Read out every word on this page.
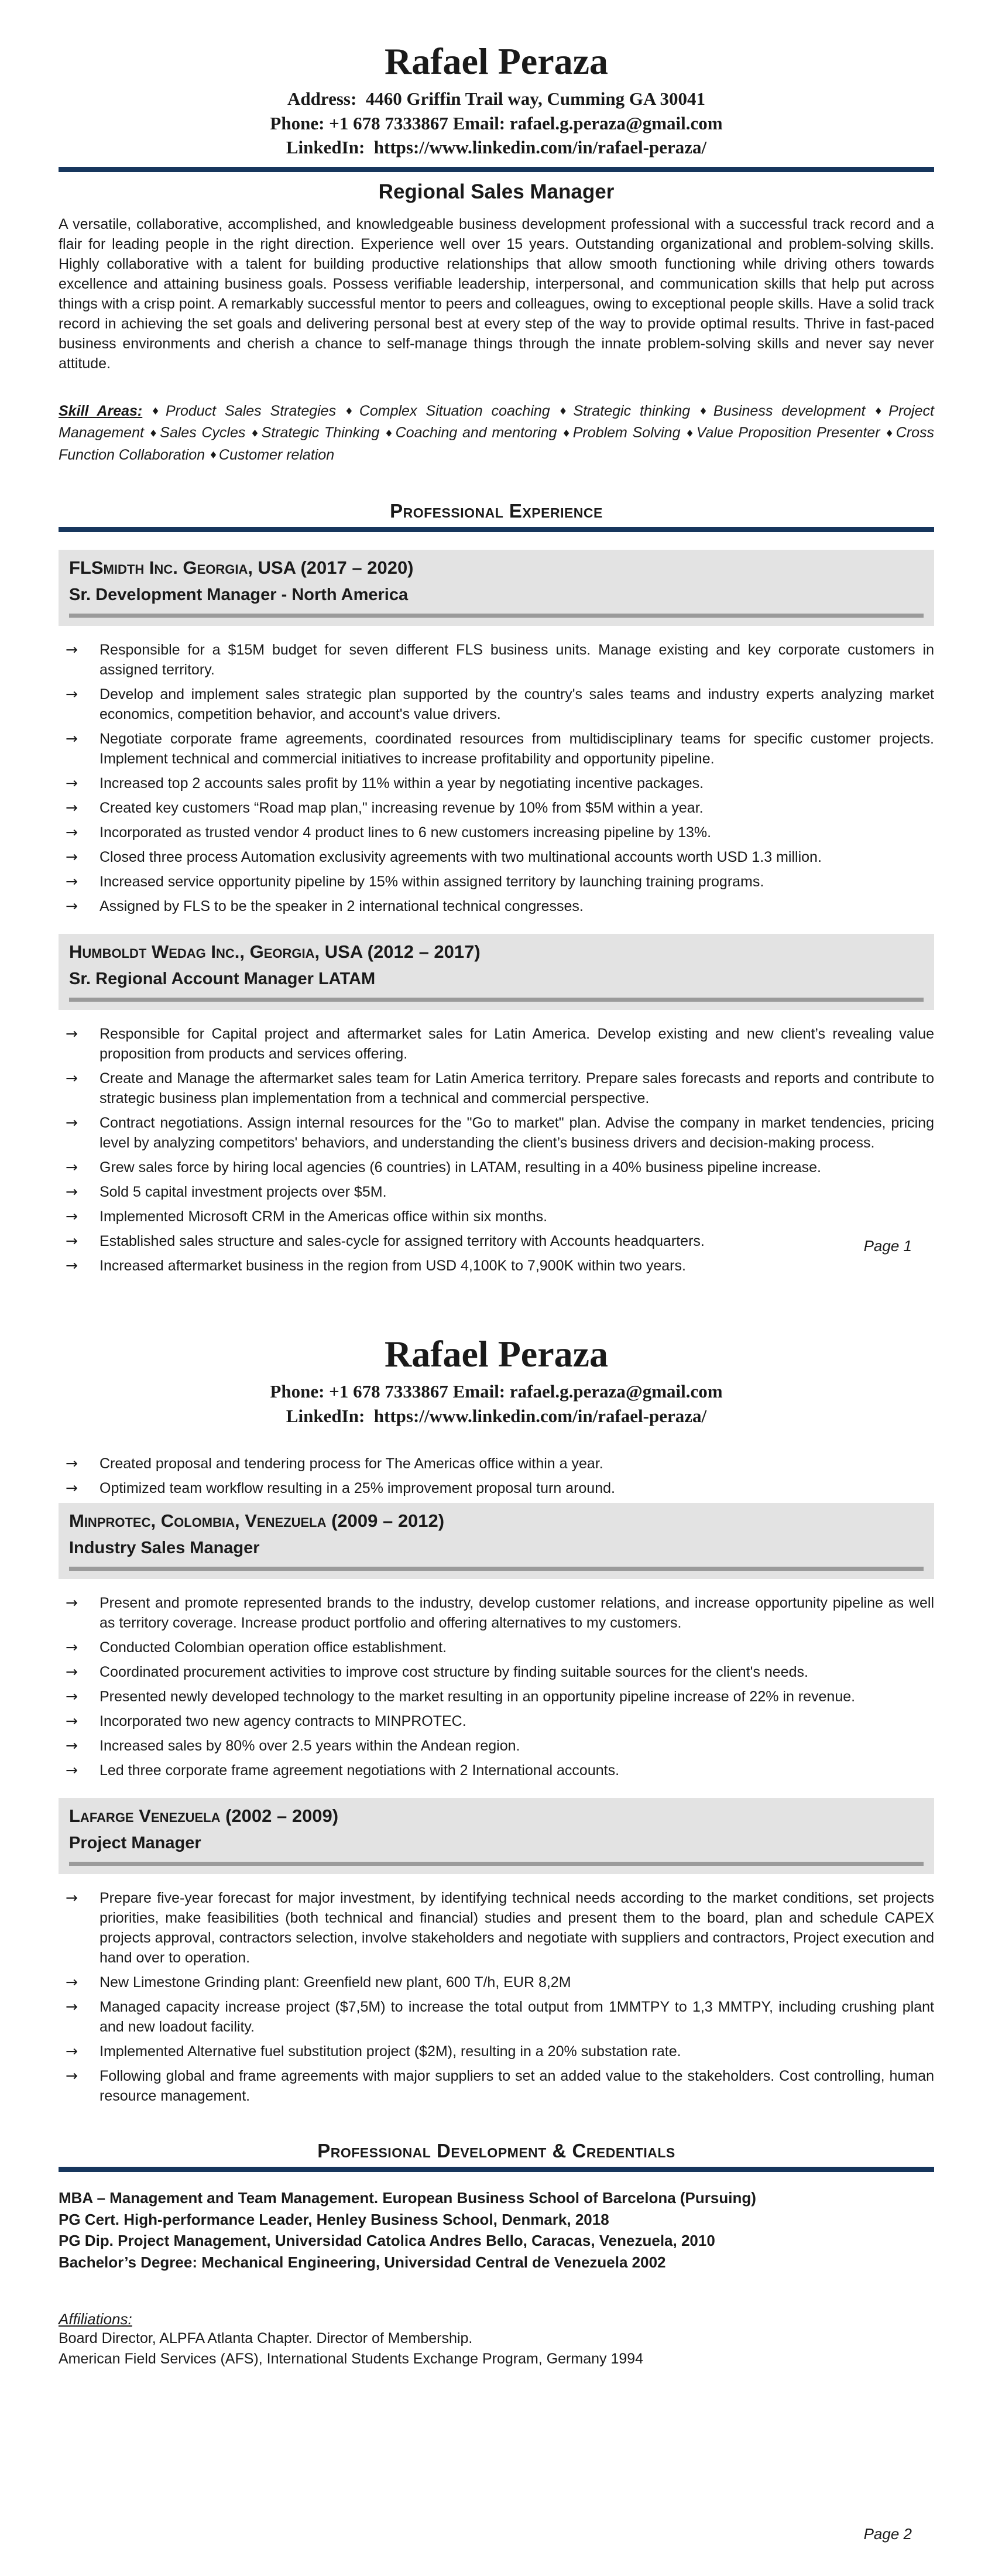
Rafael Peraza
Address:  4460 Griffin Trail way, Cumming GA 30041
Phone: +1 678 7333867 Email: rafael.g.peraza@gmail.com
LinkedIn:  https://www.linkedin.com/in/rafael-peraza/
Regional Sales Manager
A versatile, collaborative, accomplished, and knowledgeable business development professional with a successful track record and a flair for leading people in the right direction. Experience well over 15 years. Outstanding organizational and problem-solving skills. Highly collaborative with a talent for building productive relationships that allow smooth functioning while driving others towards excellence and attaining business goals. Possess verifiable leadership, interpersonal, and communication skills that help put across things with a crisp point. A remarkably successful mentor to peers and colleagues, owing to exceptional people skills. Have a solid track record in achieving the set goals and delivering personal best at every step of the way to provide optimal results. Thrive in fast-paced business environments and cherish a chance to self-manage things through the innate problem-solving skills and never say never attitude.
Skill Areas: ♦ Product Sales Strategies ♦ Complex Situation coaching ♦ Strategic thinking ♦ Business development ♦ Project Management ♦ Sales Cycles ♦ Strategic Thinking ♦ Coaching and mentoring ♦ Problem Solving ♦ Value Proposition Presenter ♦ Cross Function Collaboration ♦ Customer relation
Professional Experience
FLSmidth Inc. Georgia, USA (2017 – 2020)
Sr. Development Manager - North America
→
Responsible for a $15M budget for seven different FLS business units. Manage existing and key corporate customers in assigned territory.
→
Develop and implement sales strategic plan supported by the country's sales teams and industry experts analyzing market economics, competition behavior, and account's value drivers.
→
Negotiate corporate frame agreements, coordinated resources from multidisciplinary teams for specific customer projects. Implement technical and commercial initiatives to increase profitability and opportunity pipeline.
→
Increased top 2 accounts sales profit by 11% within a year by negotiating incentive packages.
→
Created key customers “Road map plan," increasing revenue by 10% from $5M within a year.
→
Incorporated as trusted vendor 4 product lines to 6 new customers increasing pipeline by 13%.
→
Closed three process Automation exclusivity agreements with two multinational accounts worth USD 1.3 million.
→
Increased service opportunity pipeline by 15% within assigned territory by launching training programs.
→
Assigned by FLS to be the speaker in 2 international technical congresses.
Humboldt Wedag Inc., Georgia, USA (2012 – 2017)
Sr. Regional Account Manager LATAM
→
Responsible for Capital project and aftermarket sales for Latin America. Develop existing and new client’s revealing value proposition from products and services offering.
→
Create and Manage the aftermarket sales team for Latin America territory. Prepare sales forecasts and reports and contribute to strategic business plan implementation from a technical and commercial perspective.
→
Contract negotiations. Assign internal resources for the "Go to market" plan. Advise the company in market tendencies, pricing level by analyzing competitors' behaviors, and understanding the client’s business drivers and decision-making process.
→
Grew sales force by hiring local agencies (6 countries) in LATAM, resulting in a 40% business pipeline increase.
→
Sold 5 capital investment projects over $5M.
→
Implemented Microsoft CRM in the Americas office within six months.
→
Established sales structure and sales-cycle for assigned territory with Accounts headquarters.
→
Increased aftermarket business in the region from USD 4,100K to 7,900K within two years.
Page 1
Rafael Peraza
Phone: +1 678 7333867 Email: rafael.g.peraza@gmail.com
LinkedIn:  https://www.linkedin.com/in/rafael-peraza/
→
Created proposal and tendering process for The Americas office within a year.
→
Optimized team workflow resulting in a 25% improvement proposal turn around.
Minprotec, Colombia, Venezuela (2009 – 2012)
Industry Sales Manager
→
Present and promote represented brands to the industry, develop customer relations, and increase opportunity pipeline as well as territory coverage. Increase product portfolio and offering alternatives to my customers.
→
Conducted Colombian operation office establishment.
→
Coordinated procurement activities to improve cost structure by finding suitable sources for the client's needs.
→
Presented newly developed technology to the market resulting in an opportunity pipeline increase of 22% in revenue.
→
Incorporated two new agency contracts to MINPROTEC.
→
Increased sales by 80% over 2.5 years within the Andean region.
→
Led three corporate frame agreement negotiations with 2 International accounts.
Lafarge Venezuela (2002 – 2009)
Project Manager
→
Prepare five-year forecast for major investment, by identifying technical needs according to the market conditions, set projects priorities, make feasibilities (both technical and financial) studies and present them to the board, plan and schedule CAPEX projects approval, contractors selection, involve stakeholders and negotiate with suppliers and contractors, Project execution and hand over to operation.
→
New Limestone Grinding plant: Greenfield new plant, 600 T/h, EUR 8,2M
→
Managed capacity increase project ($7,5M) to increase the total output from 1MMTPY to 1,3 MMTPY, including crushing plant and new loadout facility.
→
Implemented Alternative fuel substitution project ($2M), resulting in a 20% substation rate.
→
Following global and frame agreements with major suppliers to set an added value to the stakeholders. Cost controlling, human resource management.
Professional Development & Credentials
MBA – Management and Team Management. European Business School of Barcelona (Pursuing)
PG Cert. High-performance Leader, Henley Business School, Denmark, 2018
PG Dip. Project Management, Universidad Catolica Andres Bello, Caracas, Venezuela, 2010
Bachelor’s Degree: Mechanical Engineering, Universidad Central de Venezuela 2002
Affiliations:
Board Director, ALPFA Atlanta Chapter. Director of Membership.
American Field Services (AFS), International Students Exchange Program, Germany 1994
Page 2
